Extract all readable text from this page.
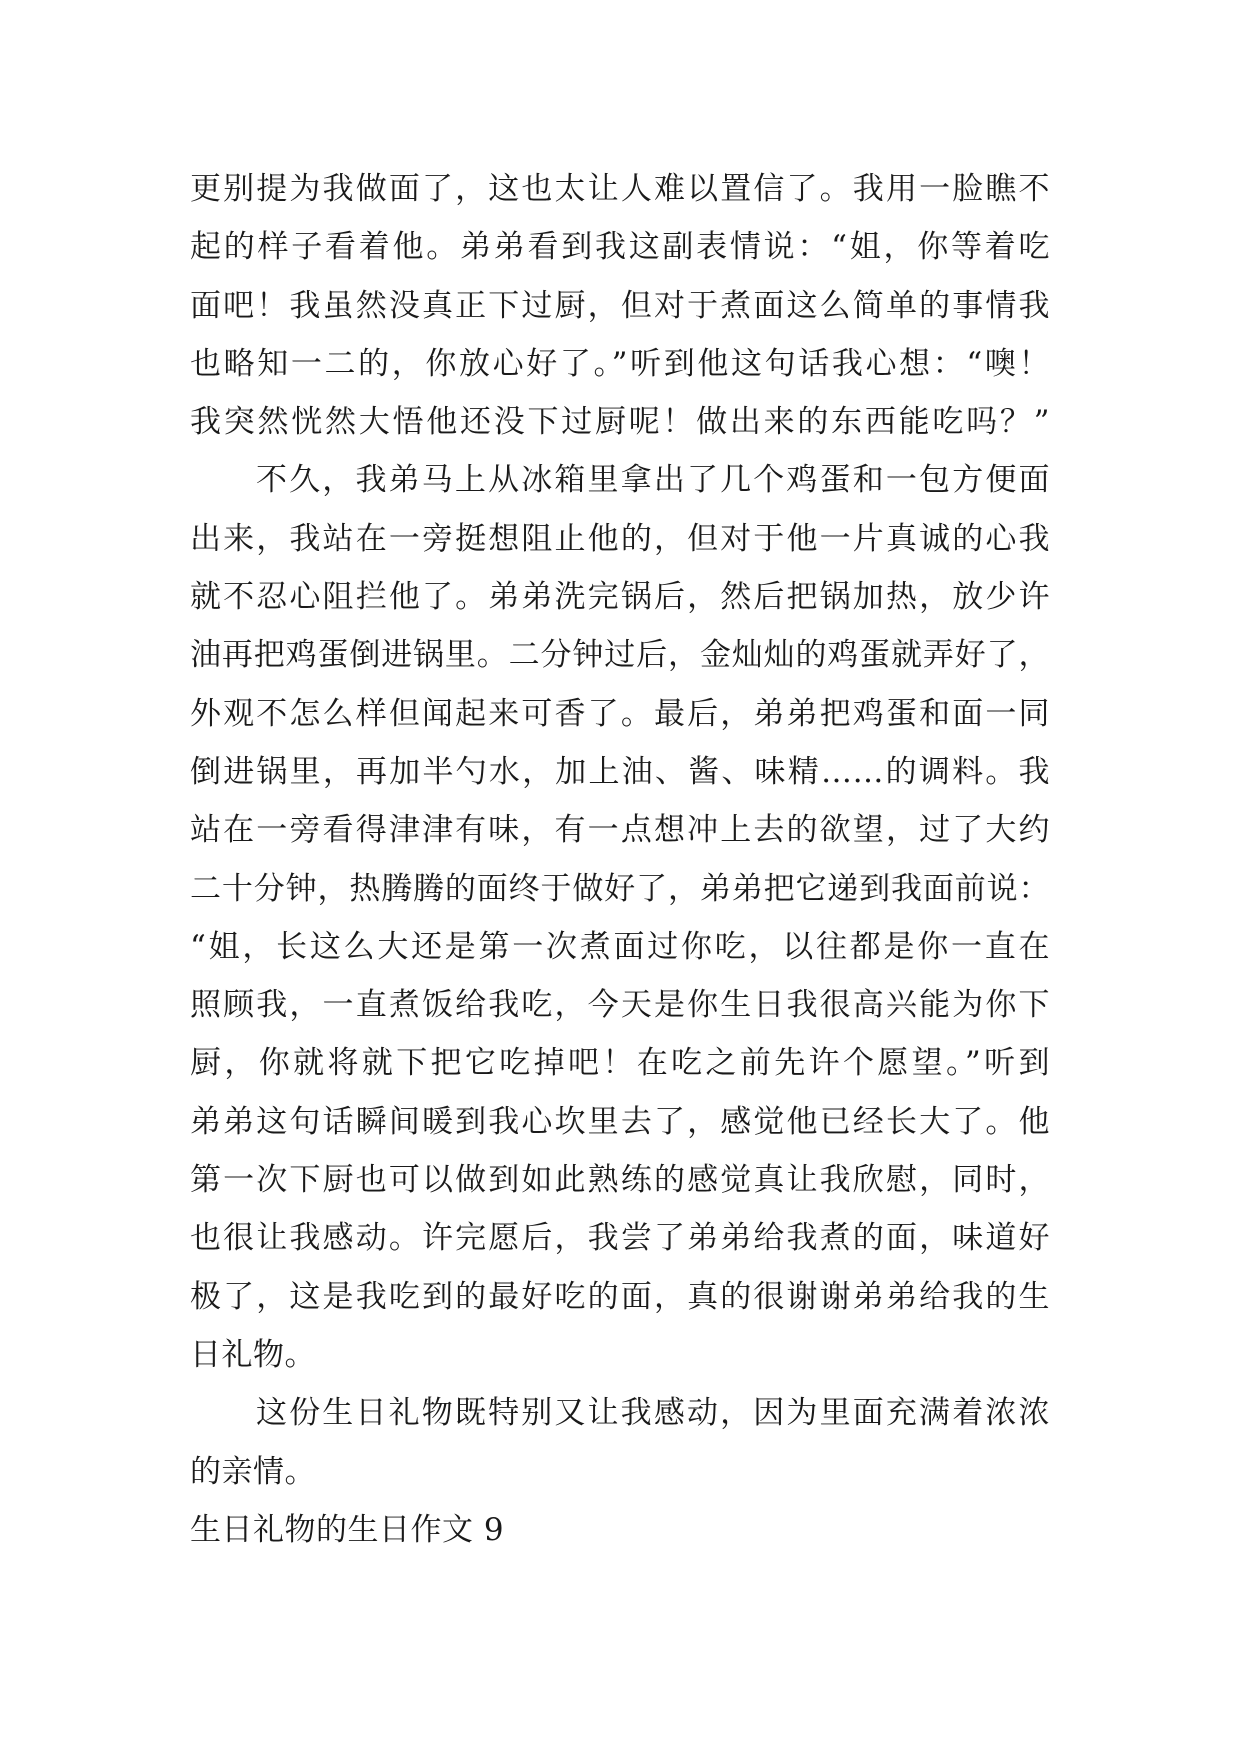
更别提为我做面了，这也太让人难以置信了。我用一脸瞧不
起的样子看着他。弟弟看到我这副表情说：“姐，你等着吃
面吧！我虽然没真正下过厨，但对于煮面这么简单的事情我
也略知一二的，你放心好了。”听到他这句话我心想：“噢！
我突然恍然大悟他还没下过厨呢！做出来的东西能吃吗？”
不久，我弟马上从冰箱里拿出了几个鸡蛋和一包方便面
出来，我站在一旁挺想阻止他的，但对于他一片真诚的心我
就不忍心阻拦他了。弟弟洗完锅后，然后把锅加热，放少许
油再把鸡蛋倒进锅里。二分钟过后，金灿灿的鸡蛋就弄好了，
外观不怎么样但闻起来可香了。最后，弟弟把鸡蛋和面一同
倒进锅里，再加半勺水，加上油、酱、味精……的调料。我
站在一旁看得津津有味，有一点想冲上去的欲望，过了大约
二十分钟，热腾腾的面终于做好了，弟弟把它递到我面前说：
“姐，长这么大还是第一次煮面过你吃，以往都是你一直在
照顾我，一直煮饭给我吃，今天是你生日我很高兴能为你下
厨，你就将就下把它吃掉吧！在吃之前先许个愿望。”听到
弟弟这句话瞬间暖到我心坎里去了，感觉他已经长大了。他
第一次下厨也可以做到如此熟练的感觉真让我欣慰，同时，
也很让我感动。许完愿后，我尝了弟弟给我煮的面，味道好
极了，这是我吃到的最好吃的面，真的很谢谢弟弟给我的生
日礼物。
这份生日礼物既特别又让我感动，因为里面充满着浓浓
的亲情。
生日礼物的生日作文 9
